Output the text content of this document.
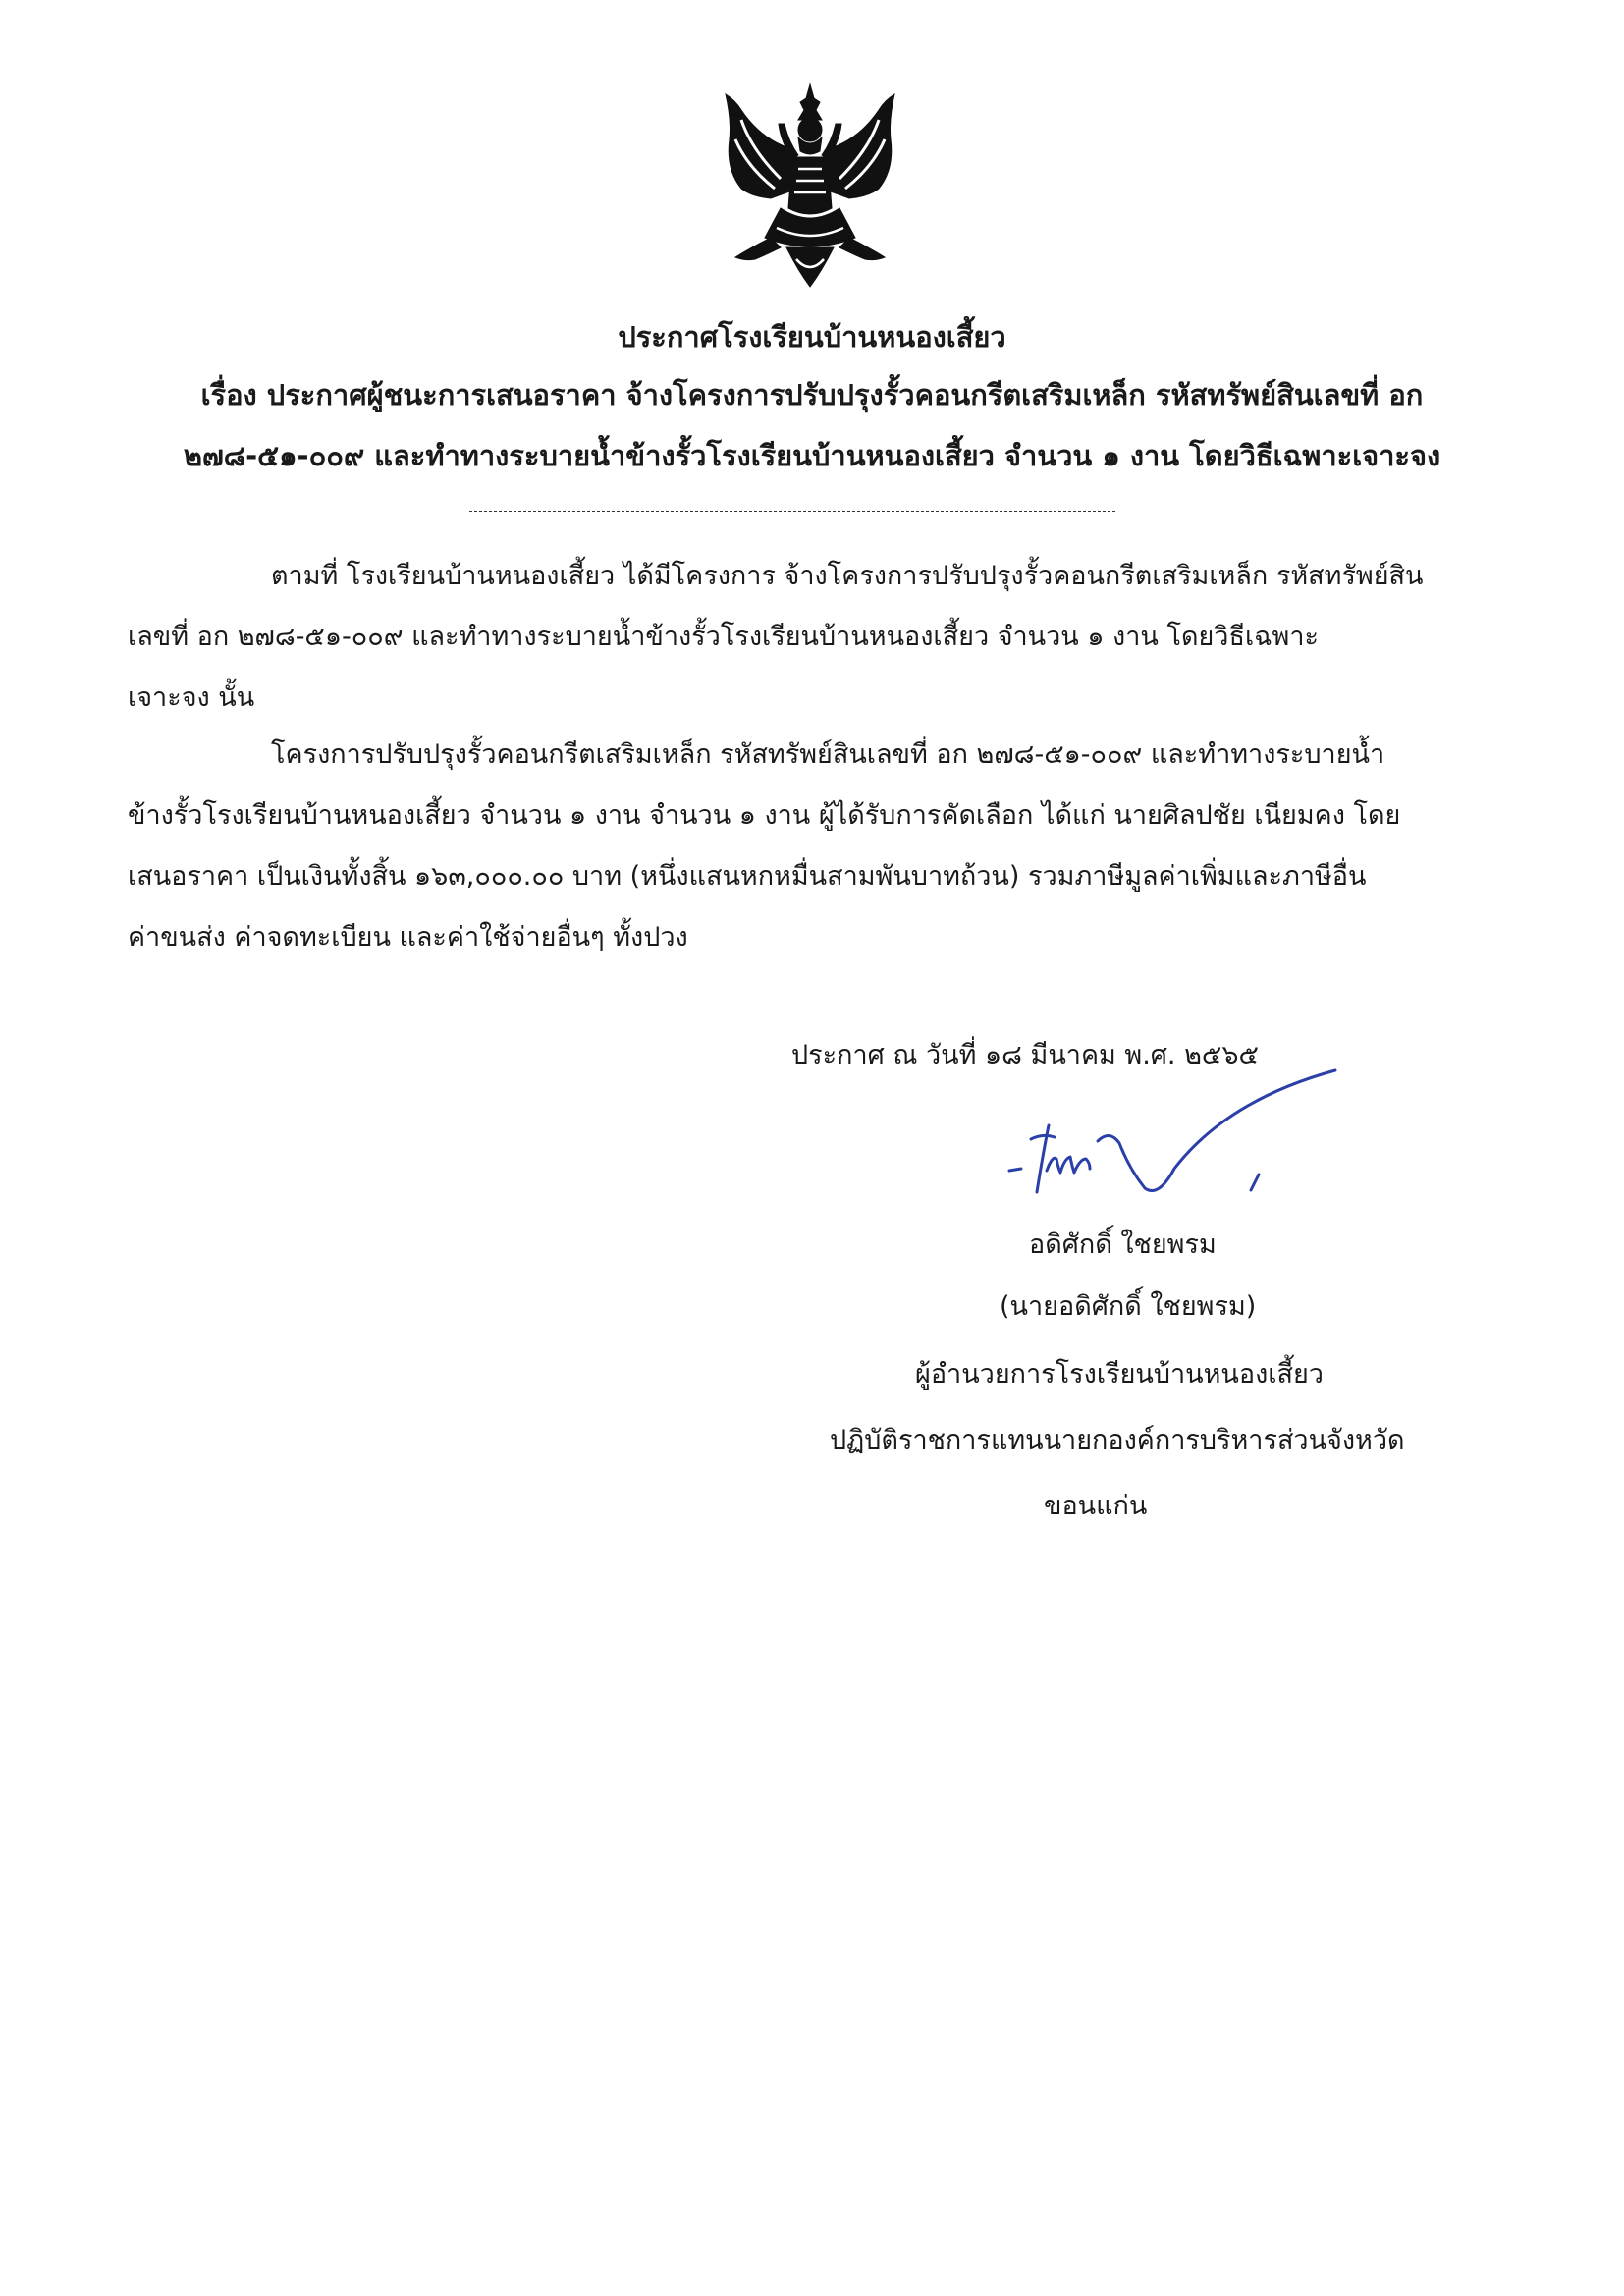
ประกาศโรงเรียนบ้านหนองเสี้ยว
เรื่อง ประกาศผู้ชนะการเสนอราคา จ้างโครงการปรับปรุงรั้วคอนกรีตเสริมเหล็ก รหัสทรัพย์สินเลขที่ อก
๒๗๘-๕๑-๐๐๙ และทำทางระบายน้ำข้างรั้วโรงเรียนบ้านหนองเสี้ยว จำนวน ๑ งาน โดยวิธีเฉพาะเจาะจง
ตามที่ โรงเรียนบ้านหนองเสี้ยว ได้มีโครงการ จ้างโครงการปรับปรุงรั้วคอนกรีตเสริมเหล็ก รหัสทรัพย์สิน
เลขที่ อก ๒๗๘-๕๑-๐๐๙ และทำทางระบายน้ำข้างรั้วโรงเรียนบ้านหนองเสี้ยว จำนวน ๑ งาน โดยวิธีเฉพาะ
เจาะจง นั้น
โครงการปรับปรุงรั้วคอนกรีตเสริมเหล็ก รหัสทรัพย์สินเลขที่ อก ๒๗๘-๕๑-๐๐๙ และทำทางระบายน้ำ
ข้างรั้วโรงเรียนบ้านหนองเสี้ยว จำนวน ๑ งาน จำนวน ๑ งาน ผู้ได้รับการคัดเลือก ได้แก่ นายศิลปชัย เนียมคง โดย
เสนอราคา เป็นเงินทั้งสิ้น ๑๖๓,๐๐๐.๐๐ บาท (หนึ่งแสนหกหมื่นสามพันบาทถ้วน) รวมภาษีมูลค่าเพิ่มและภาษีอื่น
ค่าขนส่ง ค่าจดทะเบียน และค่าใช้จ่ายอื่นๆ ทั้งปวง
ประกาศ ณ วันที่ ๑๘ มีนาคม พ.ศ. ๒๕๖๕
อดิศักดิ์ ใชยพรม
(นายอดิศักดิ์ ใชยพรม)
ผู้อำนวยการโรงเรียนบ้านหนองเสี้ยว
ปฏิบัติราชการแทนนายกองค์การบริหารส่วนจังหวัด
ขอนแก่น
